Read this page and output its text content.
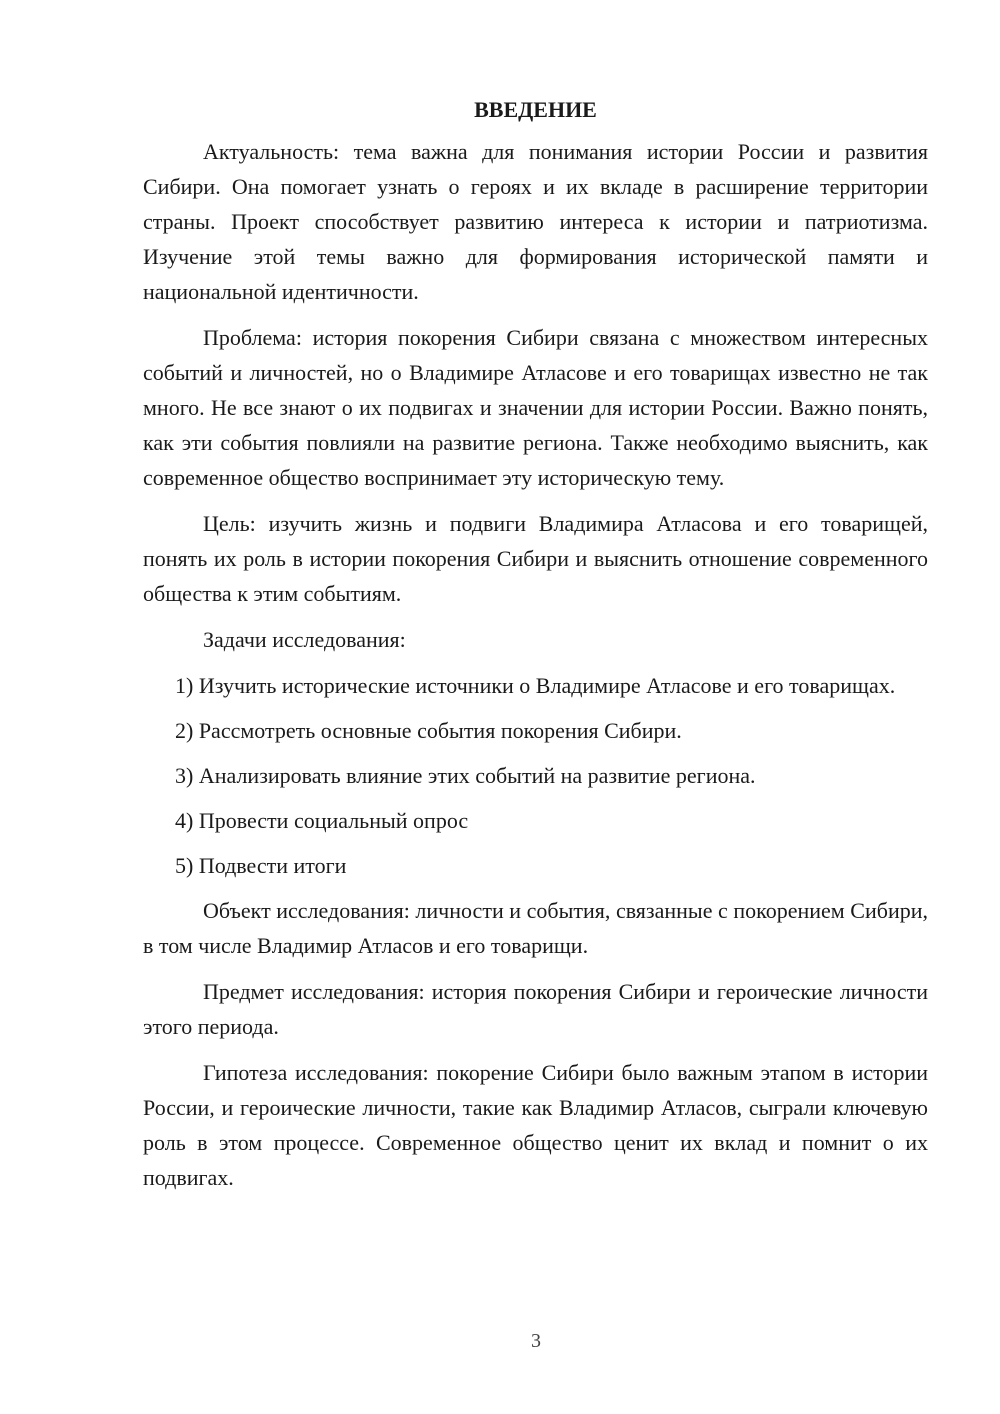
ВВЕДЕНИЕ

Актуальность: тема важна для понимания истории России и развития Сибири. Она помогает узнать о героях и их вкладе в расширение территории страны. Проект способствует развитию интереса к истории и патриотизма. Изучение этой темы важно для формирования исторической памяти и национальной идентичности.

Проблема: история покорения Сибири связана с множеством интересных событий и личностей, но о Владимире Атласове и его товарищах известно не так много. Не все знают о их подвигах и значении для истории России. Важно понять, как эти события повлияли на развитие региона. Также необходимо выяснить, как современное общество воспринимает эту историческую тему.

Цель: изучить жизнь и подвиги Владимира Атласова и его товарищей, понять их роль в истории покорения Сибири и выяснить отношение современного общества к этим событиям.

Задачи исследования:

1) Изучить исторические источники о Владимире Атласове и его товарищах.

2) Рассмотреть основные события покорения Сибири.

3) Анализировать влияние этих событий на развитие региона.

4) Провести социальный опрос

5) Подвести итоги

Объект исследования: личности и события, связанные с покорением Сибири, в том числе Владимир Атласов и его товарищи.

Предмет исследования: история покорения Сибири и героические личности этого периода.

Гипотеза исследования: покорение Сибири было важным этапом в истории России, и героические личности, такие как Владимир Атласов, сыграли ключевую роль в этом процессе. Современное общество ценит их вклад и помнит о их подвигах.

3
